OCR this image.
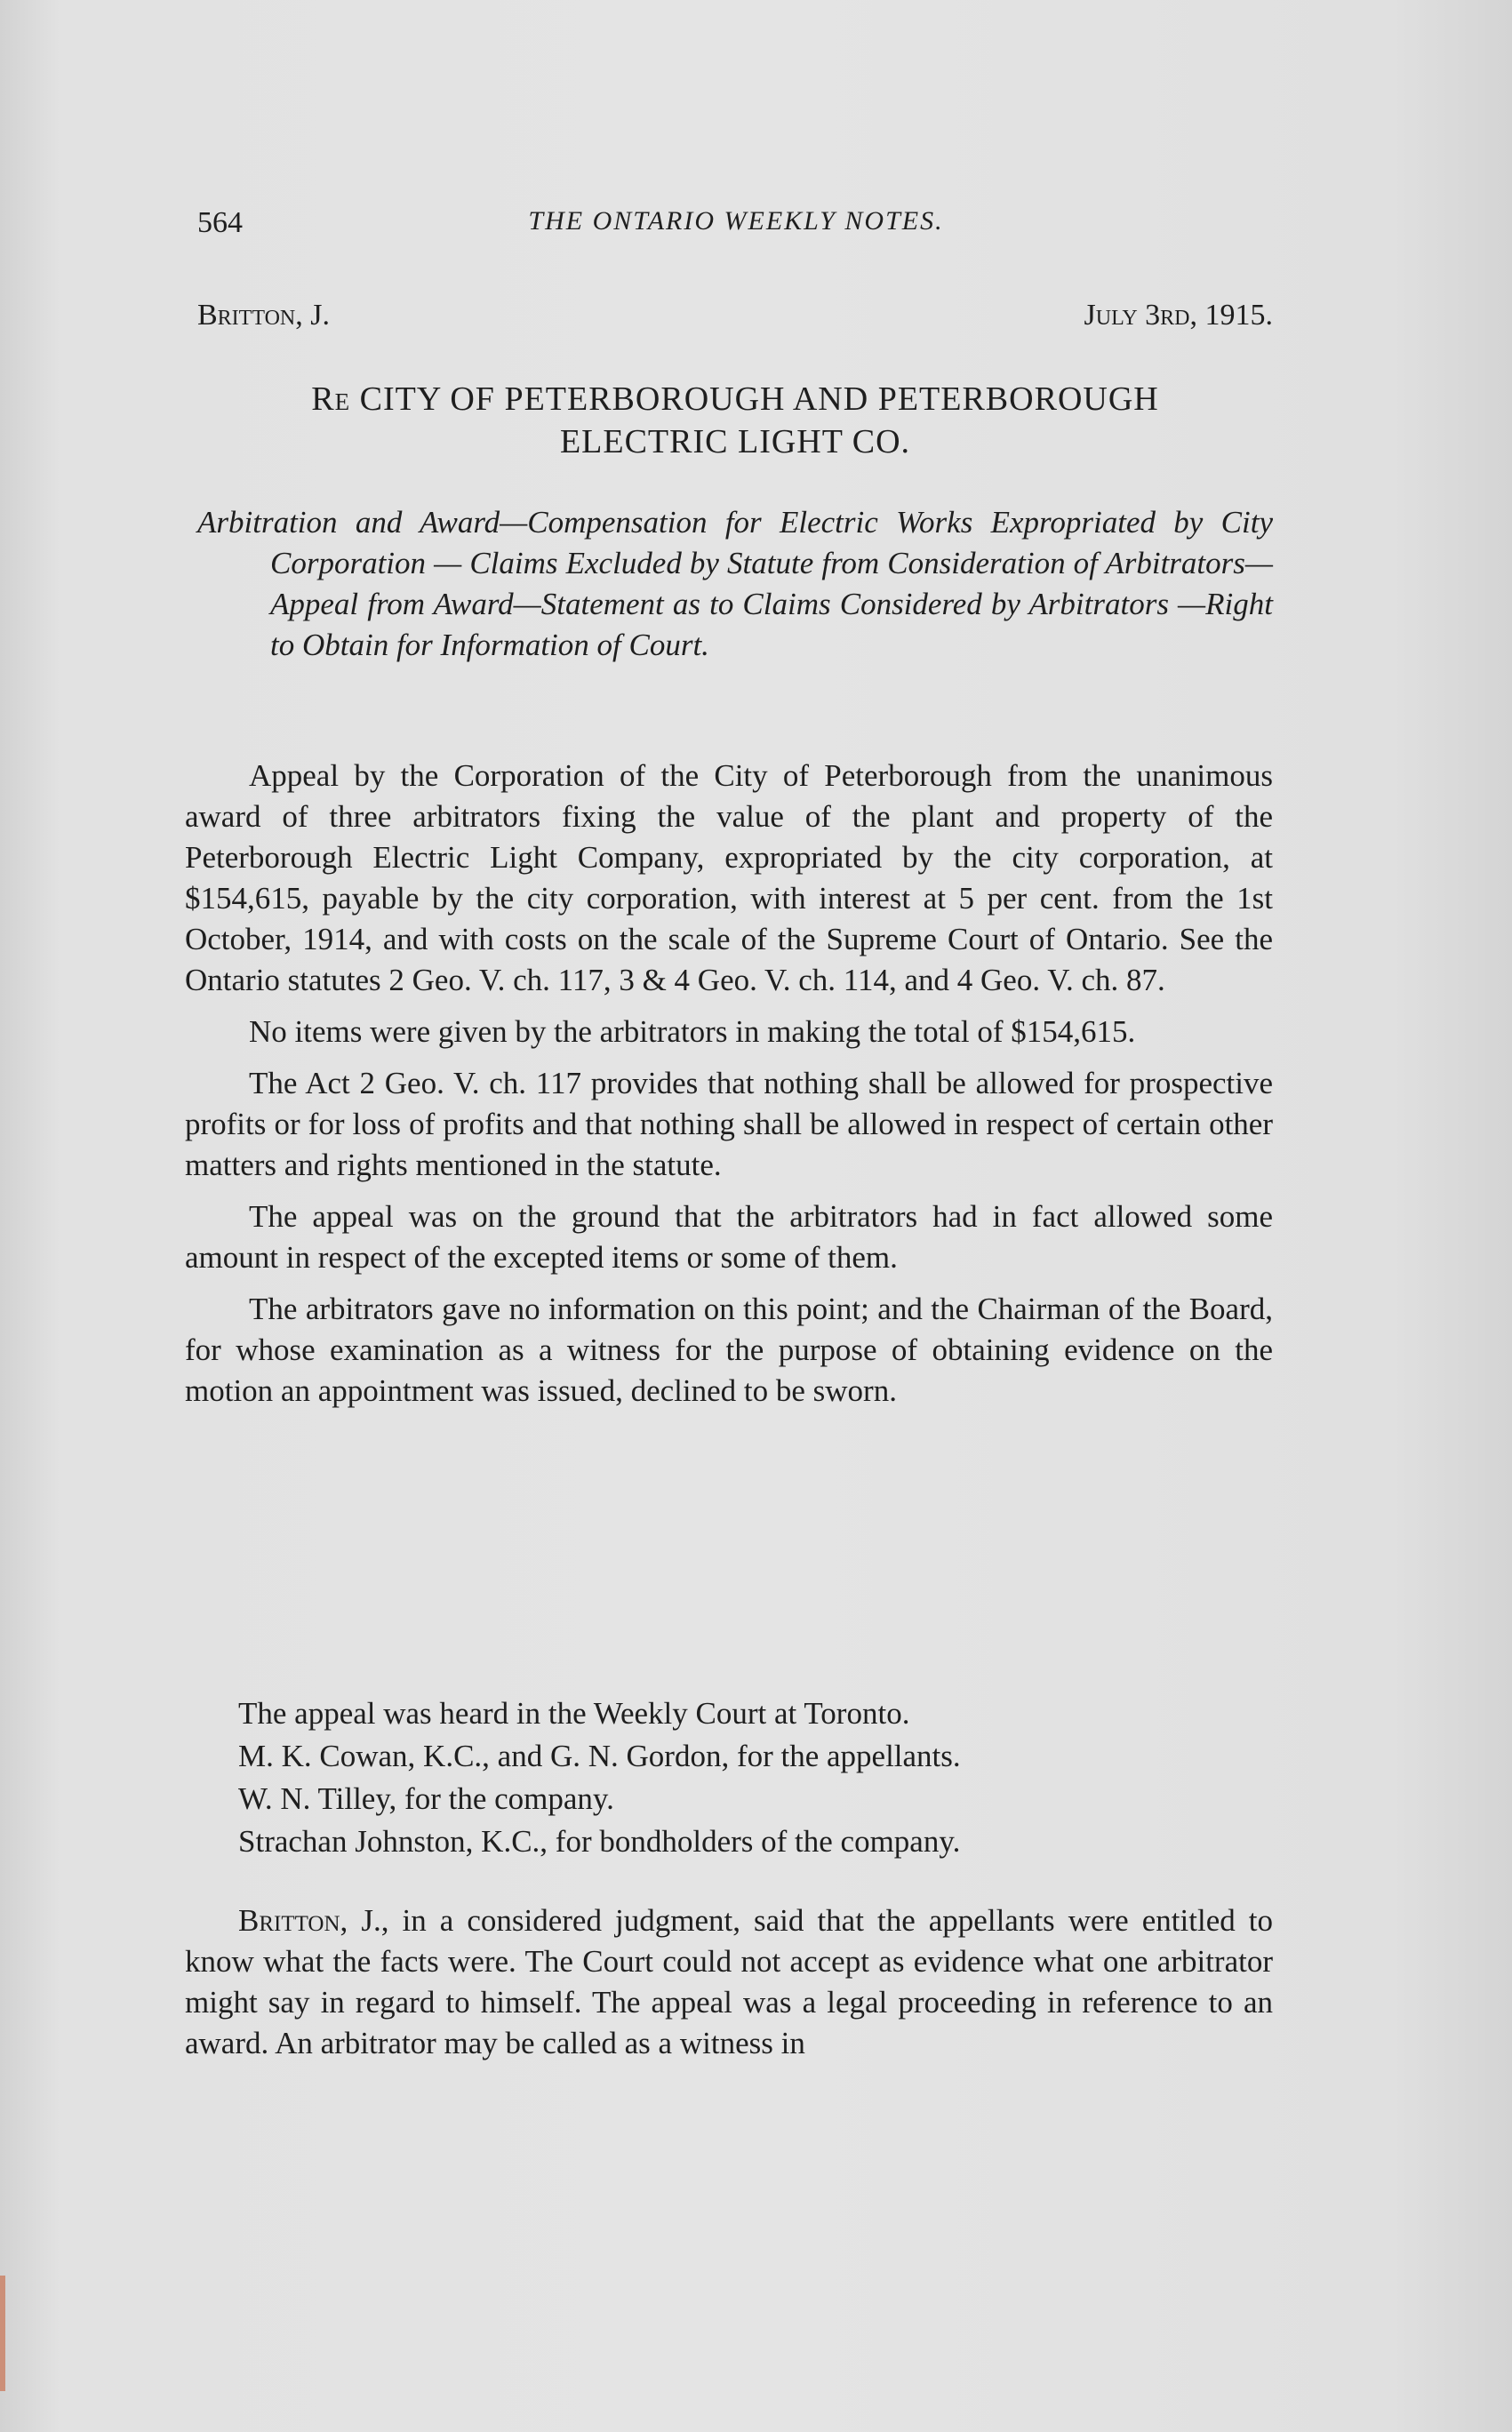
564	THE ONTARIO WEEKLY NOTES.
Britton, J.	July 3rd, 1915.
Re CITY OF PETERBOROUGH AND PETERBOROUGH
ELECTRIC LIGHT CO.
Arbitration and Award—Compensation for Electric Works Expropriated by City Corporation — Claims Excluded by Statute from Consideration of Arbitrators—Appeal from Award—Statement as to Claims Considered by Arbitrators —Right to Obtain for Information of Court.

Appeal by the Corporation of the City of Peterborough from the unanimous award of three arbitrators fixing the value of the plant and property of the Peterborough Electric Light Company, expropriated by the city corporation, at $154,615, payable by the city corporation, with interest at 5 per cent. from the 1st October, 1914, and with costs on the scale of the Supreme Court of Ontario. See the Ontario statutes 2 Geo. V. ch. 117, 3 & 4 Geo. V. ch. 114, and 4 Geo. V. ch. 87.

No items were given by the arbitrators in making the total of $154,615.

The Act 2 Geo. V. ch. 117 provides that nothing shall be allowed for prospective profits or for loss of profits and that nothing shall be allowed in respect of certain other matters and rights mentioned in the statute.

The appeal was on the ground that the arbitrators had in fact allowed some amount in respect of the excepted items or some of them.

The arbitrators gave no information on this point; and the Chairman of the Board, for whose examination as a witness for the purpose of obtaining evidence on the motion an appointment was issued, declined to be sworn.

The appeal was heard in the Weekly Court at Toronto.
M. K. Cowan, K.C., and G. N. Gordon, for the appellants.
W. N. Tilley, for the company.
Strachan Johnston, K.C., for bondholders of the company.
Britton, J., in a considered judgment, said that the appellants were entitled to know what the facts were. The Court could not accept as evidence what one arbitrator might say in regard to himself. The appeal was a legal proceeding in reference to an award. An arbitrator may be called as a witness in
